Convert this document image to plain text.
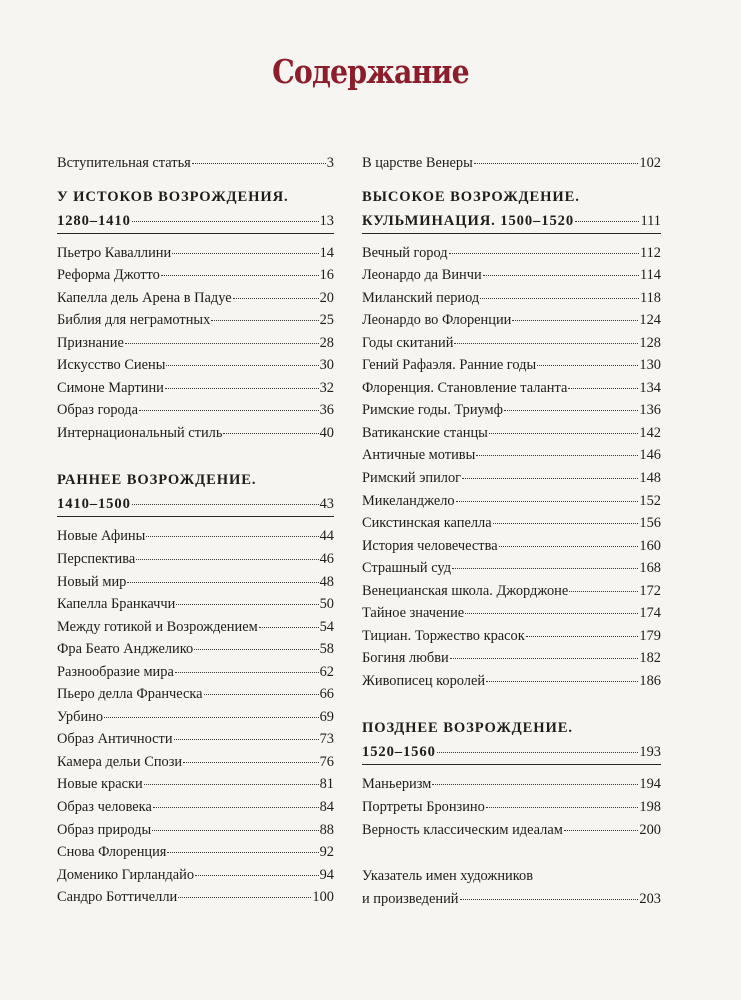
Содержание
Вступительная статья	3
У ИСТОКОВ ВОЗРОЖДЕНИЯ.
1280–1410	13
Пьетро Каваллини	14
Реформа Джотто	16
Капелла дель Арена в Падуе	20
Библия для неграмотных	25
Признание	28
Искусство Сиены	30
Симоне Мартини	32
Образ города	36
Интернациональный стиль	40
РАННЕЕ ВОЗРОЖДЕНИЕ.
1410–1500	43
Новые Афины	44
Перспектива	46
Новый мир	48
Капелла Бранкаччи	50
Между готикой и Возрождением	54
Фра Беато Анджелико	58
Разнообразие мира	62
Пьеро делла Франческа	66
Урбино	69
Образ Античности	73
Камера дельи Спози	76
Новые краски	81
Образ человека	84
Образ природы	88
Снова Флоренция	92
Доменико Гирландайо	94
Сандро Боттичелли	100
В царстве Венеры	102
ВЫСОКОЕ ВОЗРОЖДЕНИЕ.
КУЛЬМИНАЦИЯ. 1500–1520	111
Вечный город	112
Леонардо да Винчи	114
Миланский период	118
Леонардо во Флоренции	124
Годы скитаний	128
Гений Рафаэля. Ранние годы	130
Флоренция. Становление таланта	134
Римские годы. Триумф	136
Ватиканские станцы	142
Античные мотивы	146
Римский эпилог	148
Микеланджело	152
Сикстинская капелла	156
История человечества	160
Страшный суд	168
Венецианская школа. Джорджоне	172
Тайное значение	174
Тициан. Торжество красок	179
Богиня любви	182
Живописец королей	186
ПОЗДНЕЕ ВОЗРОЖДЕНИЕ.
1520–1560	193
Маньеризм	194
Портреты Бронзино	198
Верность классическим идеалам	200
Указатель имен художников
и произведений	203
